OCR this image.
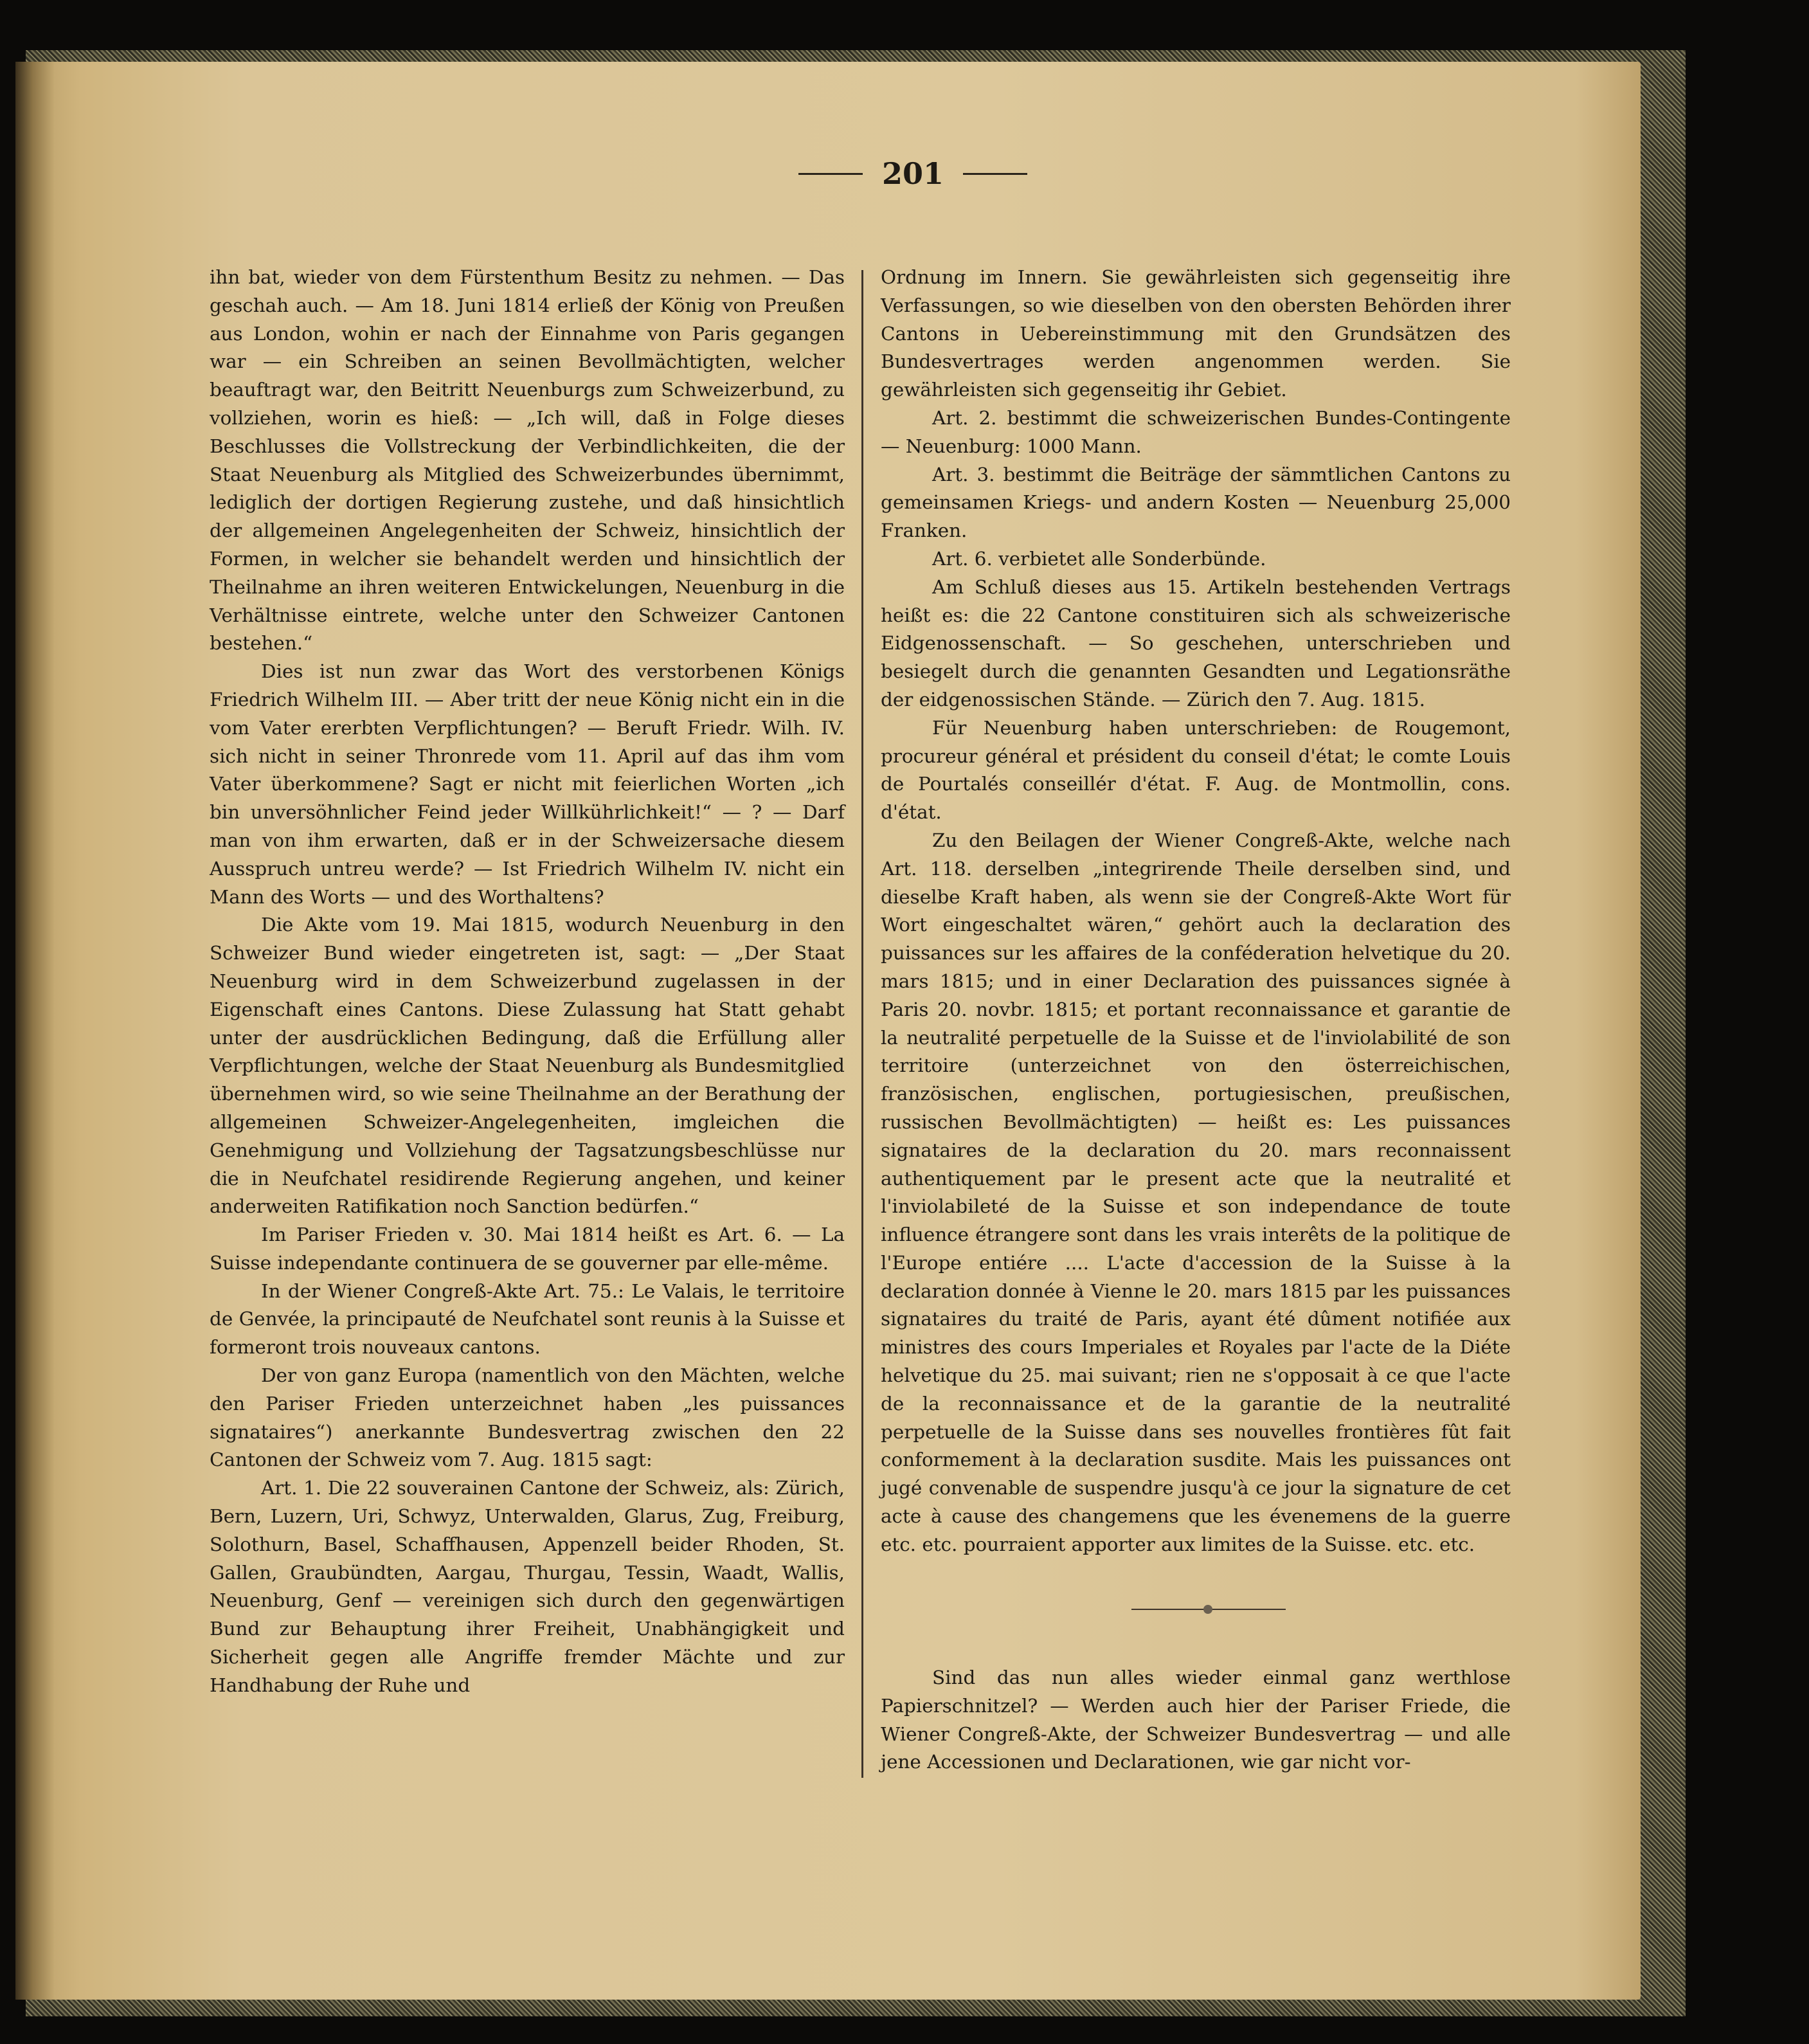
201

ihn bat, wieder von dem Fürstenthum Besitz zu nehmen. — Das geschah auch. — Am 18. Juni 1814 erließ der König von Preußen aus London, wohin er nach der Einnahme von Paris gegangen war — ein Schreiben an seinen Bevollmächtigten, welcher beauftragt war, den Beitritt Neuenburgs zum Schweizerbund, zu vollziehen, worin es hieß: — „Ich will, daß in Folge dieses Beschlusses die Vollstreckung der Verbindlichkeiten, die der Staat Neuenburg als Mitglied des Schweizerbundes übernimmt, lediglich der dortigen Regierung zustehe, und daß hinsichtlich der allgemeinen Angelegenheiten der Schweiz, hinsichtlich der Formen, in welcher sie behandelt werden und hinsichtlich der Theilnahme an ihren weiteren Entwickelungen, Neuenburg in die Verhältnisse eintrete, welche unter den Schweizer Cantonen bestehen.“

Dies ist nun zwar das Wort des verstorbenen Königs Friedrich Wilhelm III. — Aber tritt der neue König nicht ein in die vom Vater ererbten Verpflichtungen? — Beruft Friedr. Wilh. IV. sich nicht in seiner Thronrede vom 11. April auf das ihm vom Vater überkommene? Sagt er nicht mit feierlichen Worten „ich bin unversöhnlicher Feind jeder Willkührlichkeit!“ — ? — Darf man von ihm erwarten, daß er in der Schweizersache diesem Ausspruch untreu werde? — Ist Friedrich Wilhelm IV. nicht ein Mann des Worts — und des Worthaltens?

Die Akte vom 19. Mai 1815, wodurch Neuenburg in den Schweizer Bund wieder eingetreten ist, sagt: — „Der Staat Neuenburg wird in dem Schweizerbund zugelassen in der Eigenschaft eines Cantons. Diese Zulassung hat Statt gehabt unter der ausdrücklichen Bedingung, daß die Erfüllung aller Verpflichtungen, welche der Staat Neuenburg als Bundesmitglied übernehmen wird, so wie seine Theilnahme an der Berathung der allgemeinen Schweizer-Angelegenheiten, imgleichen die Genehmigung und Vollziehung der Tagsatzungsbeschlüsse nur die in Neufchatel residirende Regierung angehen, und keiner anderweiten Ratifikation noch Sanction bedürfen.“

Im Pariser Frieden v. 30. Mai 1814 heißt es Art. 6. — La Suisse independante continuera de se gouverner par elle-même.

In der Wiener Congreß-Akte Art. 75.: Le Valais, le territoire de Genvée, la principauté de Neufchatel sont reunis à la Suisse et formeront trois nouveaux cantons.

Der von ganz Europa (namentlich von den Mächten, welche den Pariser Frieden unterzeichnet haben „les puissances signataires“) anerkannte Bundesvertrag zwischen den 22 Cantonen der Schweiz vom 7. Aug. 1815 sagt:

Art. 1. Die 22 souverainen Cantone der Schweiz, als: Zürich, Bern, Luzern, Uri, Schwyz, Unterwalden, Glarus, Zug, Freiburg, Solothurn, Basel, Schaffhausen, Appenzell beider Rhoden, St. Gallen, Graubündten, Aargau, Thurgau, Tessin, Waadt, Wallis, Neuenburg, Genf — vereinigen sich durch den gegenwärtigen Bund zur Behauptung ihrer Freiheit, Unabhängigkeit und Sicherheit gegen alle Angriffe fremder Mächte und zur Handhabung der Ruhe und

Ordnung im Innern. Sie gewährleisten sich gegenseitig ihre Verfassungen, so wie dieselben von den obersten Behörden ihrer Cantons in Uebereinstimmung mit den Grundsätzen des Bundesvertrages werden angenommen werden. Sie gewährleisten sich gegenseitig ihr Gebiet.

Art. 2. bestimmt die schweizerischen Bundes-Contingente — Neuenburg: 1000 Mann.

Art. 3. bestimmt die Beiträge der sämmtlichen Cantons zu gemeinsamen Kriegs- und andern Kosten — Neuenburg 25,000 Franken.

Art. 6. verbietet alle Sonderbünde.

Am Schluß dieses aus 15. Artikeln bestehenden Vertrags heißt es: die 22 Cantone constituiren sich als schweizerische Eidgenossenschaft. — So geschehen, unterschrieben und besiegelt durch die genannten Gesandten und Legationsräthe der eidgenossischen Stände. — Zürich den 7. Aug. 1815.

Für Neuenburg haben unterschrieben: de Rougemont, procureur général et président du conseil d'état; le comte Louis de Pourtalés conseillér d'état. F. Aug. de Montmollin, cons. d'état.

Zu den Beilagen der Wiener Congreß-Akte, welche nach Art. 118. derselben „integrirende Theile derselben sind, und dieselbe Kraft haben, als wenn sie der Congreß-Akte Wort für Wort eingeschaltet wären,“ gehört auch la declaration des puissances sur les affaires de la conféderation helvetique du 20. mars 1815; und in einer Declaration des puissances signée à Paris 20. novbr. 1815; et portant reconnaissance et garantie de la neutralité perpetuelle de la Suisse et de l'inviolabilité de son territoire (unterzeichnet von den österreichischen, französischen, englischen, portugiesischen, preußischen, russischen Bevollmächtigten) — heißt es: Les puissances signataires de la declaration du 20. mars reconnaissent authentiquement par le present acte que la neutralité et l'inviolabileté de la Suisse et son independance de toute influence étrangere sont dans les vrais interêts de la politique de l'Europe entiére .... L'acte d'accession de la Suisse à la declaration donnée à Vienne le 20. mars 1815 par les puissances signataires du traité de Paris, ayant été dûment notifiée aux ministres des cours Imperiales et Royales par l'acte de la Diéte helvetique du 25. mai suivant; rien ne s'opposait à ce que l'acte de la reconnaissance et de la garantie de la neutralité perpetuelle de la Suisse dans ses nouvelles frontières fût fait conformement à la declaration susdite. Mais les puissances ont jugé convenable de suspendre jusqu'à ce jour la signature de cet acte à cause des changemens que les évenemens de la guerre etc. etc. pourraient apporter aux limites de la Suisse. etc. etc.

Sind das nun alles wieder einmal ganz werthlose Papierschnitzel? — Werden auch hier der Pariser Friede, die Wiener Congreß-Akte, der Schweizer Bundesvertrag — und alle jene Accessionen und Declarationen, wie gar nicht vor-
